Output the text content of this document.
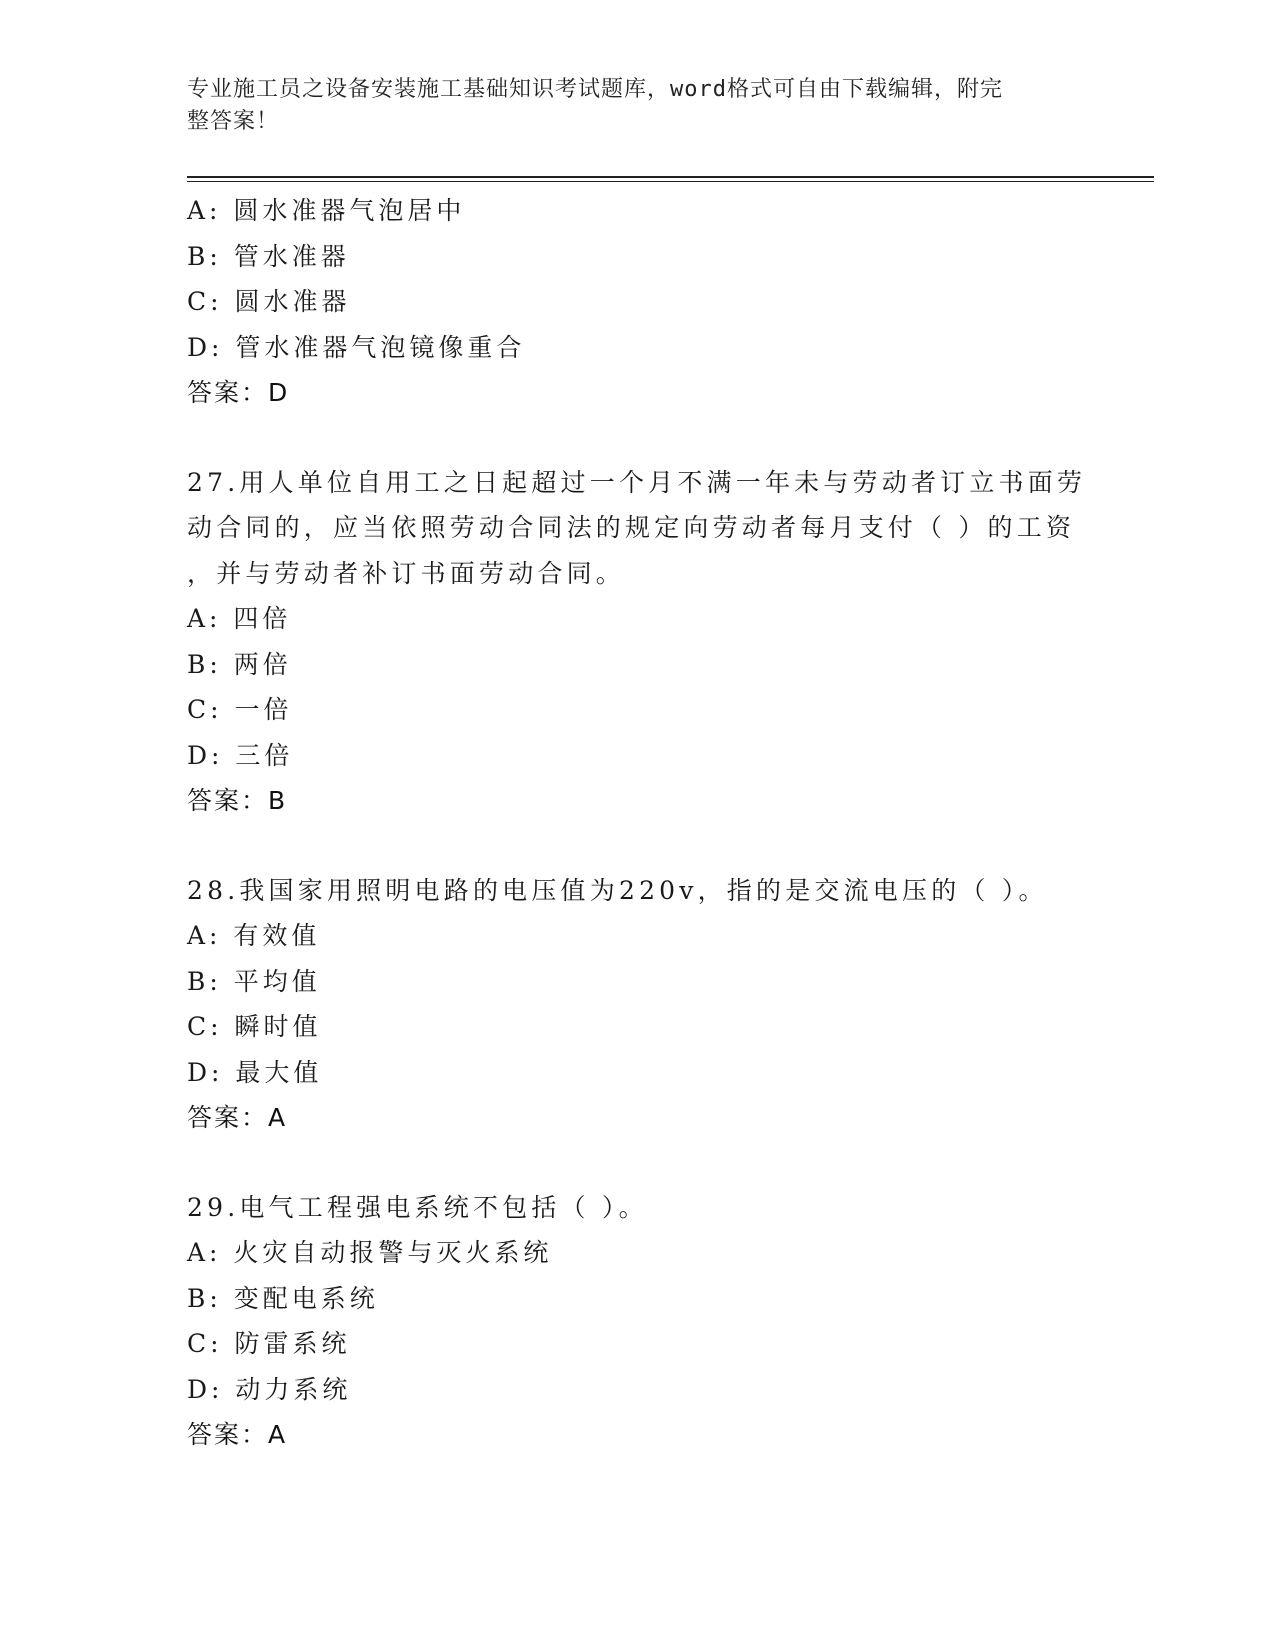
专业施工员之设备安装施工基础知识考试题库，word格式可自由下载编辑，附完
整答案！
A: 圆水准器气泡居中
B: 管水准器
C: 圆水准器
D: 管水准器气泡镜像重合
答案：D
27.用人单位自用工之日起超过一个月不满一年未与劳动者订立书面劳
动合同的，应当依照劳动合同法的规定向劳动者每月支付（ ）的工资
，并与劳动者补订书面劳动合同。
A: 四倍
B: 两倍
C: 一倍
D: 三倍
答案：B
28.我国家用照明电路的电压值为220v，指的是交流电压的（ ）。
A: 有效值
B: 平均值
C: 瞬时值
D: 最大值
答案：A
29.电气工程强电系统不包括（ ）。
A: 火灾自动报警与灭火系统
B: 变配电系统
C: 防雷系统
D: 动力系统
答案：A
